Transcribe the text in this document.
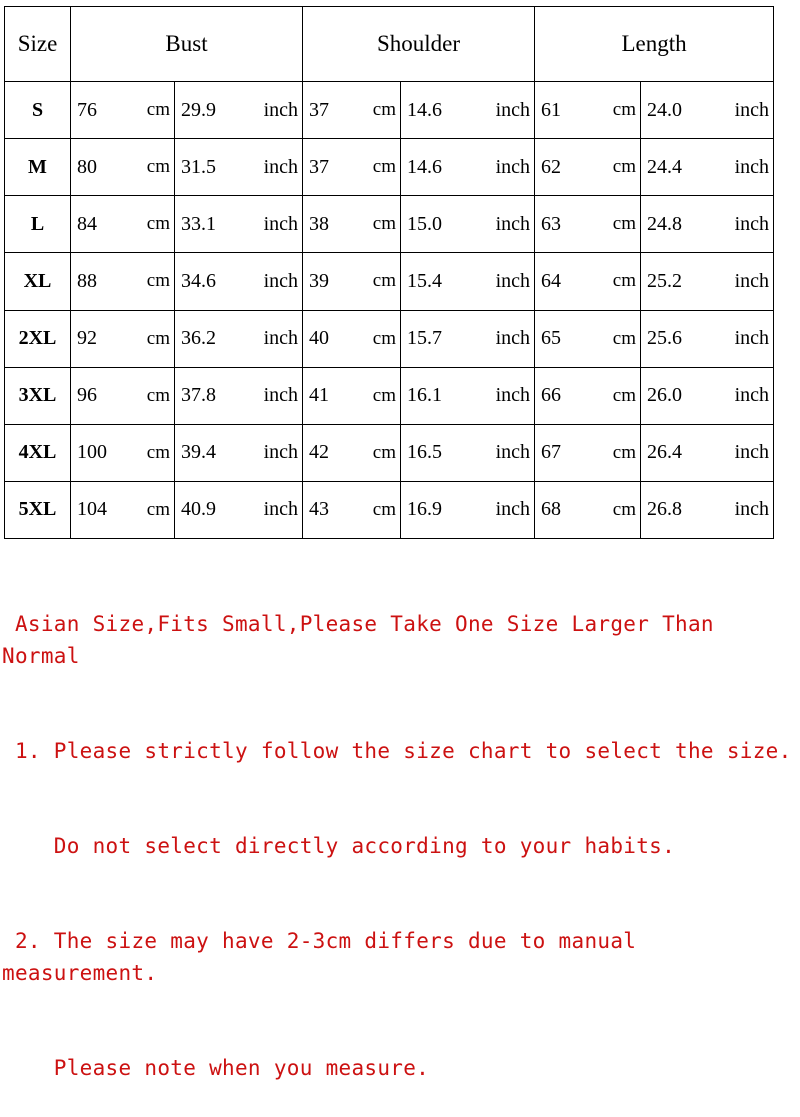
Size	Bust				Shoulder				Length			
S	76	cm	29.9	inch	37	cm	14.6	inch	61	cm	24.0	inch
M	80	cm	31.5	inch	37	cm	14.6	inch	62	cm	24.4	inch
L	84	cm	33.1	inch	38	cm	15.0	inch	63	cm	24.8	inch
XL	88	cm	34.6	inch	39	cm	15.4	inch	64	cm	25.2	inch
2XL	92	cm	36.2	inch	40	cm	15.7	inch	65	cm	25.6	inch
3XL	96	cm	37.8	inch	41	cm	16.1	inch	66	cm	26.0	inch
4XL	100	cm	39.4	inch	42	cm	16.5	inch	67	cm	26.4	inch
5XL	104	cm	40.9	inch	43	cm	16.9	inch	68	cm	26.8	inch

Asian Size,Fits Small,Please Take One Size Larger Than Normal

1. Please strictly follow the size chart to select the size.

Do not select directly according to your habits.

2. The size may have 2-3cm differs due to manual measurement.

Please note when you measure.
